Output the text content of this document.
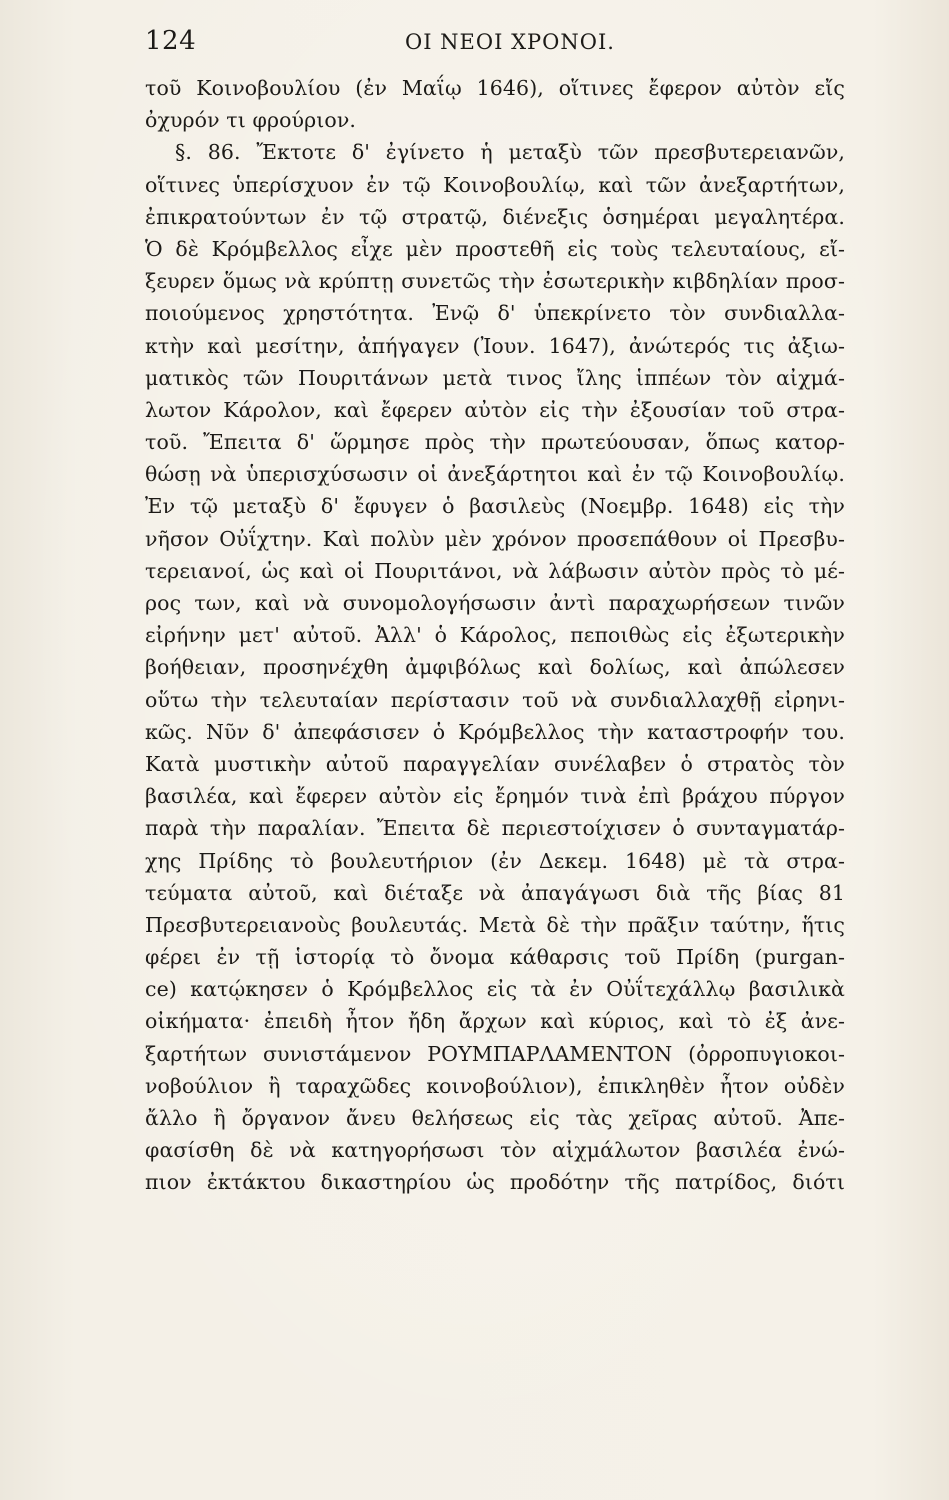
124	ΟΙ ΝΕΟΙ ΧΡΟΝΟΙ.
τοῦ Κοινοβουλίου (ἐν Μαΐῳ 1646), οἵτινες ἔφερον αὐτὸν εἴς
ὀχυρόν τι φρούριον.
§. 86. Ἔκτοτε δ' ἐγίνετο ἡ μεταξὺ τῶν πρεσβυτερειανῶν,
οἵτινες ὑπερίσχυον ἐν τῷ Κοινοβουλίῳ, καὶ τῶν ἀνεξαρτήτων,
ἐπικρατούντων ἐν τῷ στρατῷ, διένεξις ὁσημέραι μεγαλητέρα.
Ὁ δὲ Κρόμβελλος εἶχε μὲν προστεθῆ εἰς τοὺς τελευταίους, εἴ-
ξευρεν ὅμως νὰ κρύπτῃ συνετῶς τὴν ἐσωτερικὴν κιβδηλίαν προσ-
ποιούμενος χρηστότητα. Ἐνῷ δ' ὑπεκρίνετο τὸν συνδιαλλα-
κτὴν καὶ μεσίτην, ἀπήγαγεν (Ἰουν. 1647), ἀνώτερός τις ἀξιω-
ματικὸς τῶν Πουριτάνων μετὰ τινος ἴλης ἱππέων τὸν αἰχμά-
λωτον Κάρολον, καὶ ἔφερεν αὐτὸν εἰς τὴν ἐξουσίαν τοῦ στρα-
τοῦ. Ἔπειτα δ' ὥρμησε πρὸς τὴν πρωτεύουσαν, ὅπως κατορ-
θώσῃ νὰ ὑπερισχύσωσιν οἱ ἀνεξάρτητοι καὶ ἐν τῷ Κοινοβουλίῳ.
Ἐν τῷ μεταξὺ δ' ἔφυγεν ὁ βασιλεὺς (Νοεμβρ. 1648) εἰς τὴν
νῆσον Οὐΐχτην. Καὶ πολὺν μὲν χρόνον προσεπάθουν οἱ Πρεσβυ-
τερειανοί, ὡς καὶ οἱ Πουριτάνοι, νὰ λάβωσιν αὐτὸν πρὸς τὸ μέ-
ρος των, καὶ νὰ συνομολογήσωσιν ἀντὶ παραχωρήσεων τινῶν
εἰρήνην μετ' αὐτοῦ. Ἀλλ' ὁ Κάρολος, πεποιθὼς εἰς ἐξωτερικὴν
βοήθειαν, προσηνέχθη ἀμφιβόλως καὶ δολίως, καὶ ἀπώλεσεν
οὕτω τὴν τελευταίαν περίστασιν τοῦ νὰ συνδιαλλαχθῇ εἰρηνι-
κῶς. Νῦν δ' ἀπεφάσισεν ὁ Κρόμβελλος τὴν καταστροφήν του.
Κατὰ μυστικὴν αὐτοῦ παραγγελίαν συνέλαβεν ὁ στρατὸς τὸν
βασιλέα, καὶ ἔφερεν αὐτὸν εἰς ἔρημόν τινὰ ἐπὶ βράχου πύργον
παρὰ τὴν παραλίαν. Ἔπειτα δὲ περιεστοίχισεν ὁ συνταγματάρ-
χης Πρίδης τὸ βουλευτήριον (ἐν Δεκεμ. 1648) μὲ τὰ στρα-
τεύματα αὐτοῦ, καὶ διέταξε νὰ ἀπαγάγωσι διὰ τῆς βίας 81
Πρεσβυτερειανοὺς βουλευτάς. Μετὰ δὲ τὴν πρᾶξιν ταύτην, ἥτις
φέρει ἐν τῇ ἱστορίᾳ τὸ ὄνομα κάθαρσις τοῦ Πρίδη (purgan-
ce) κατῴκησεν ὁ Κρόμβελλος εἰς τὰ ἐν Οὐΐτεχάλλῳ βασιλικὰ
οἰκήματα· ἐπειδὴ ἦτον ἤδη ἄρχων καὶ κύριος, καὶ τὸ ἐξ ἀνε-
ξαρτήτων συνιστάμενον ΡΟΥΜΠΑΡΛΑΜΕΝΤΟΝ (ὀρροπυγιοκοι-
νοβούλιον ἢ ταραχῶδες κοινοβούλιον), ἐπικληθὲν ἦτον οὐδὲν
ἄλλο ἢ ὄργανον ἄνευ θελήσεως εἰς τὰς χεῖρας αὐτοῦ. Ἀπε-
φασίσθη δὲ νὰ κατηγορήσωσι τὸν αἰχμάλωτον βασιλέα ἐνώ-
πιον ἐκτάκτου δικαστηρίου ὡς προδότην τῆς πατρίδος, διότι
